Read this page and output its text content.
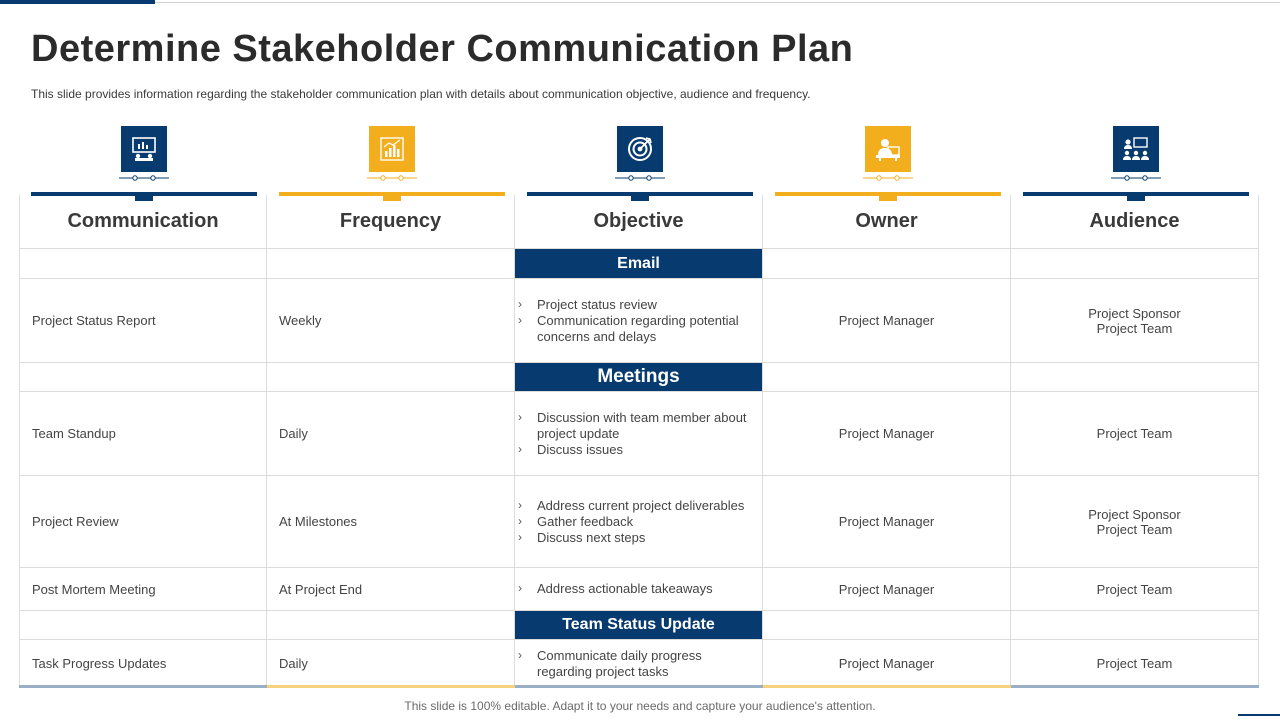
Determine Stakeholder Communication Plan

This slide provides information regarding the stakeholder communication plan with details about communication objective, audience and frequency.

Communication	Frequency	Objective	Owner	Audience
Email
Project Status Report	Weekly
› Project status review
› Communication regarding potential
concerns and delays
Project Manager	Project Sponsor
Project Team
Meetings
Team Standup	Daily
› Discussion with team member about
project update
› Discuss issues
Project Manager	Project Team
Project Review	At Milestones
› Address current project deliverables
› Gather feedback
› Discuss next steps
Project Manager	Project Sponsor
Project Team
Post Mortem Meeting	At Project End
›	Address actionable takeaways	Project Manager	Project Team
Team Status Update
Task Progress Updates	Daily
› Communicate daily progress
regarding project tasks	Project Manager	Project Team
This slide is 100% editable. Adapt it to your needs and capture your audience's attention.
